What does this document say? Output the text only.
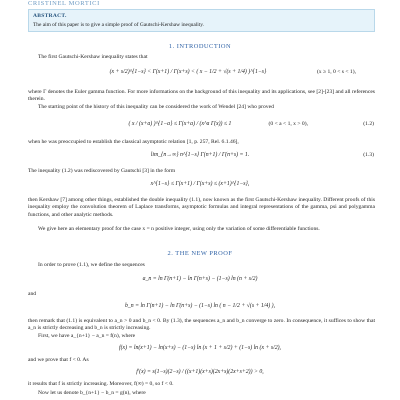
CRISTINEL MORTICI
ABSTRACT.
The aim of this paper is to give a simple proof of Gautschi-Kershaw inequality.
1. INTRODUCTION
The first Gautschi-Kershaw inequality states that
(x + s/2)^{1−s} < Γ(x+1) / Γ(x+s) < ( x − 1/2 + √(s + 1/4) )^{1−s}	(x ≥ 1, 0 < s < 1),
where Γ denotes the Euler gamma function. For more informations on the background of this inequality and its applications, see [2]-[23] and all references therein.
The starting point of the history of this inequality can be considered the work of Wendel [24] who proved
( x / (x+a) )^{1−a} ≤ Γ(x+a) / (x^a Γ(x)) ≤ 1	(0 < a < 1, x > 0),	(1.2)
when he was preoccupied to establish the classical asymptotic relation [1, p. 257, Rel. 6.1.46],
lim_{n→∞} n^{1−s} Γ(n+1) / Γ(n+s) = 1.	(1.3)
The inequality (1.2) was rediscovered by Gautschi [3] in the form
x^{1−s} ≤ Γ(x+1) / Γ(x+s) ≤ (x+1)^{1−s},
then Kershaw [7] among other things, established the double inequality (1.1), now known as the first Gautschi-Kershaw inequality. Different proofs of this inequality employ the convolution theorem of Laplace transforms, asymptotic formulas and integral representations of the gamma, psi and polygamma functions, and other analytic methods.
We give here an elementary proof for the case x = n positive integer, using only the variation of some differentiable functions.
2. THE NEW PROOF
In order to prove (1.1), we define the sequences
a_n = ln Γ(n+1) − ln Γ(n+s) − (1−s) ln (n + s/2)
and
b_n = ln Γ(n+1) − ln Γ(n+s) − (1−s) ln ( n − 1/2 + √(s + 1/4) ),
then remark that (1.1) is equivalent to a_n > 0 and b_n < 0. By (1.3), the sequences a_n and b_n converge to zero. In consequence, it suffices to show that a_n is strictly decreasing and b_n is strictly increasing.
First, we have a_{n+1} − a_n = f(n), where
f(x) = ln(x+1) − ln(x+s) − (1−s) ln (x + 1 + s/2) + (1−s) ln (x + s/2),
and we prove that f < 0. As
f′(x) = s(1−s)(2−s) / ((x+1)(x+s)(2x+s)(2x+s+2)) > 0,
it results that f is strictly increasing. Moreover, f(∞) = 0, so f < 0.
Now let us denote b_{n+1} − b_n = g(n), where
